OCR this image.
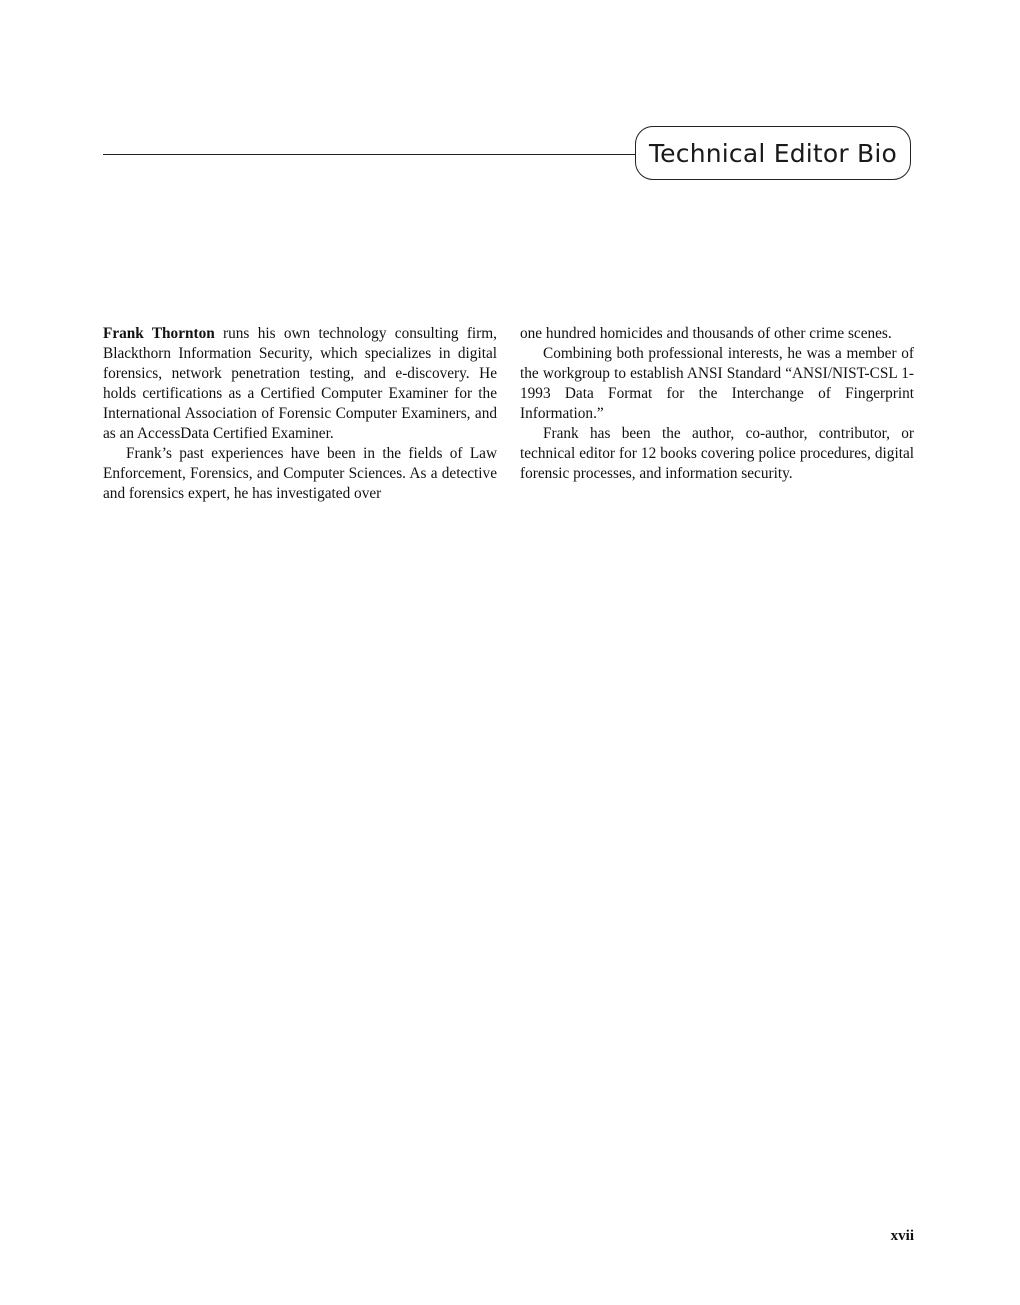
Technical Editor Bio

Frank Thornton runs his own technology consulting firm, Blackthorn Information Security, which specializes in digital forensics, network penetration testing, and e-discovery. He holds certifications as a Certified Computer Examiner for the International Association of Forensic Computer Examiners, and as an AccessData Certified Examiner.

Frank’s past experiences have been in the fields of Law Enforcement, Forensics, and Computer Sciences. As a detective and forensics expert, he has investigated over

one hundred homicides and thousands of other crime scenes.

Combining both professional interests, he was a member of the workgroup to establish ANSI Standard “ANSI/​NIST-CSL 1-1993 Data Format for the Interchange of Fingerprint Information.”

Frank has been the author, co-author, contributor, or technical editor for 12 books covering police procedures, digital forensic processes, and information security.

xvii
